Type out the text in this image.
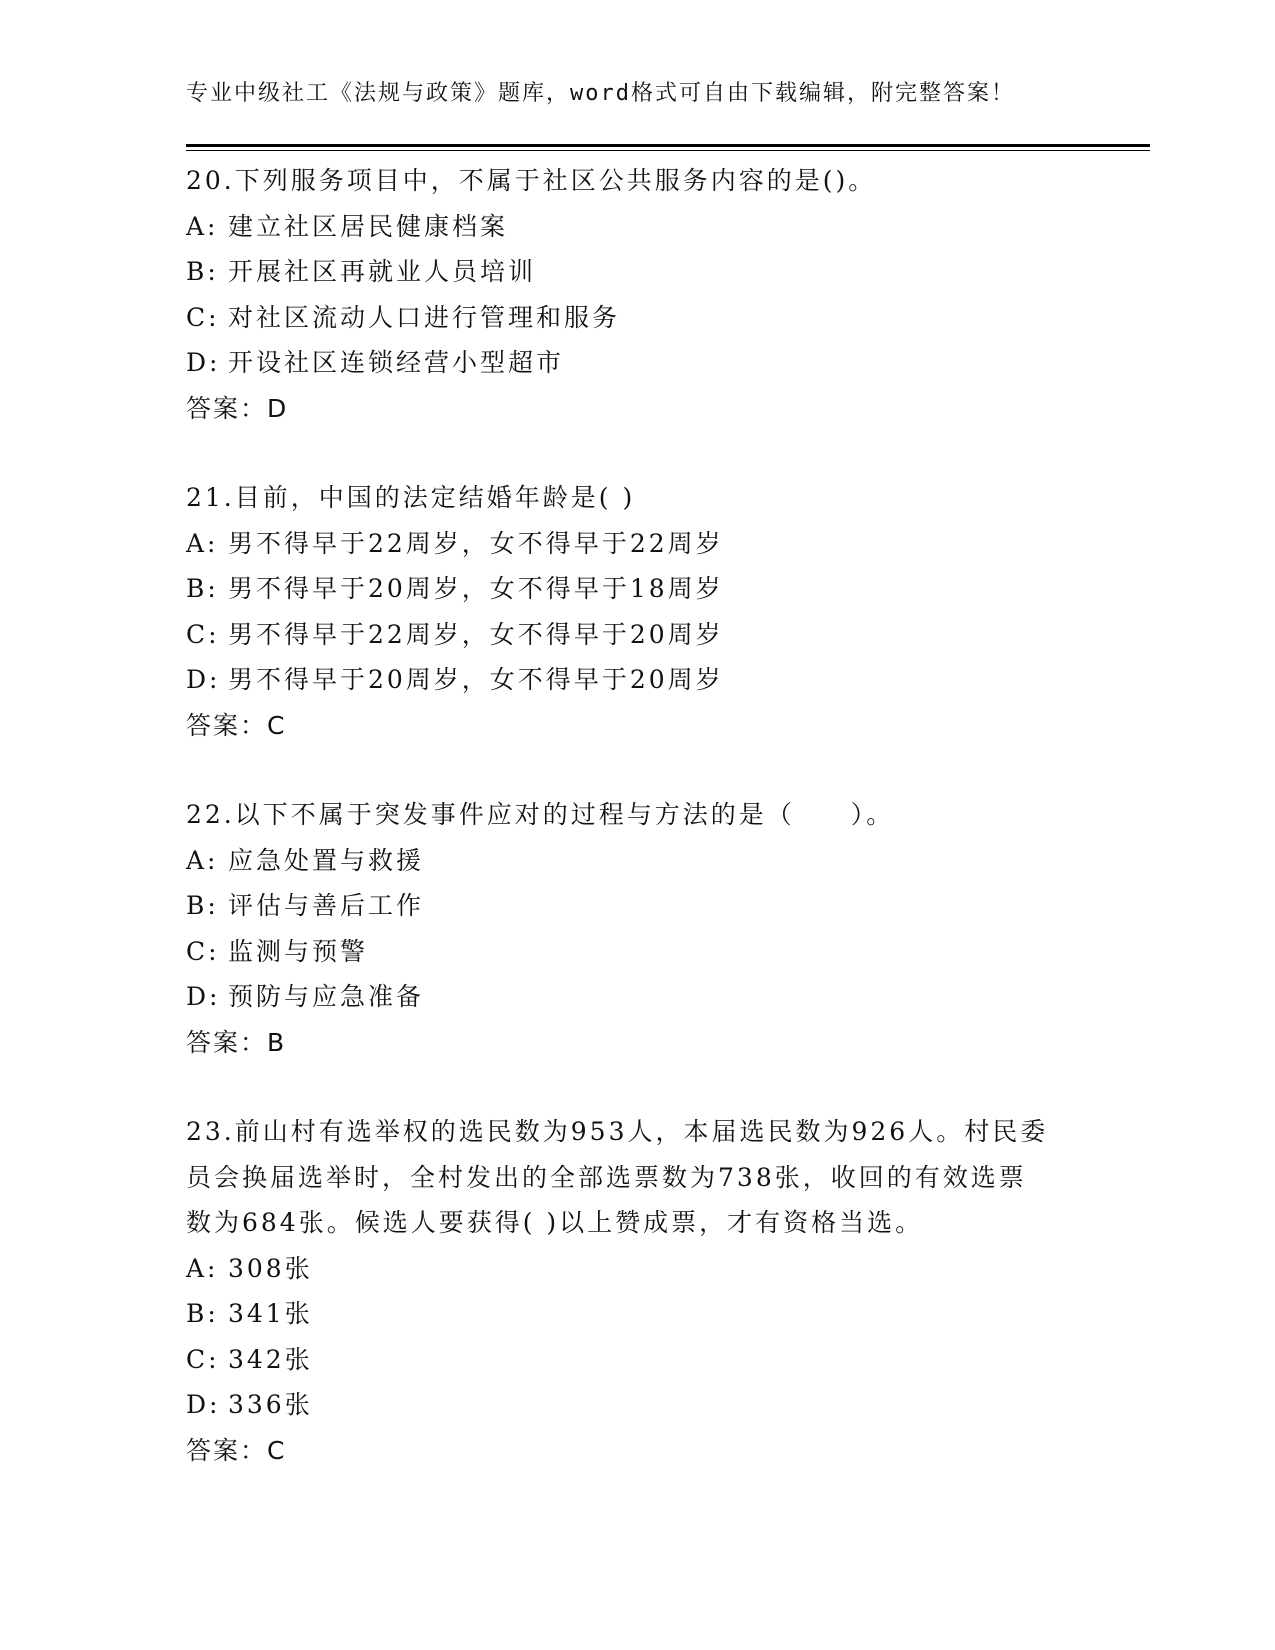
专业中级社工《法规与政策》题库，word格式可自由下载编辑，附完整答案！
20.下列服务项目中，不属于社区公共服务内容的是()。
A: 建立社区居民健康档案
B: 开展社区再就业人员培训
C: 对社区流动人口进行管理和服务
D: 开设社区连锁经营小型超市
答案：D
21.目前，中国的法定结婚年龄是( )
A: 男不得早于22周岁，女不得早于22周岁
B: 男不得早于20周岁，女不得早于18周岁
C: 男不得早于22周岁，女不得早于20周岁
D: 男不得早于20周岁，女不得早于20周岁
答案：C
22.以下不属于突发事件应对的过程与方法的是（　　）。
A: 应急处置与救援
B: 评估与善后工作
C: 监测与预警
D: 预防与应急准备
答案：B
23.前山村有选举权的选民数为953人，本届选民数为926人。村民委
员会换届选举时，全村发出的全部选票数为738张，收回的有效选票
数为684张。候选人要获得( )以上赞成票，才有资格当选。
A: 308张
B: 341张
C: 342张
D: 336张
答案：C
